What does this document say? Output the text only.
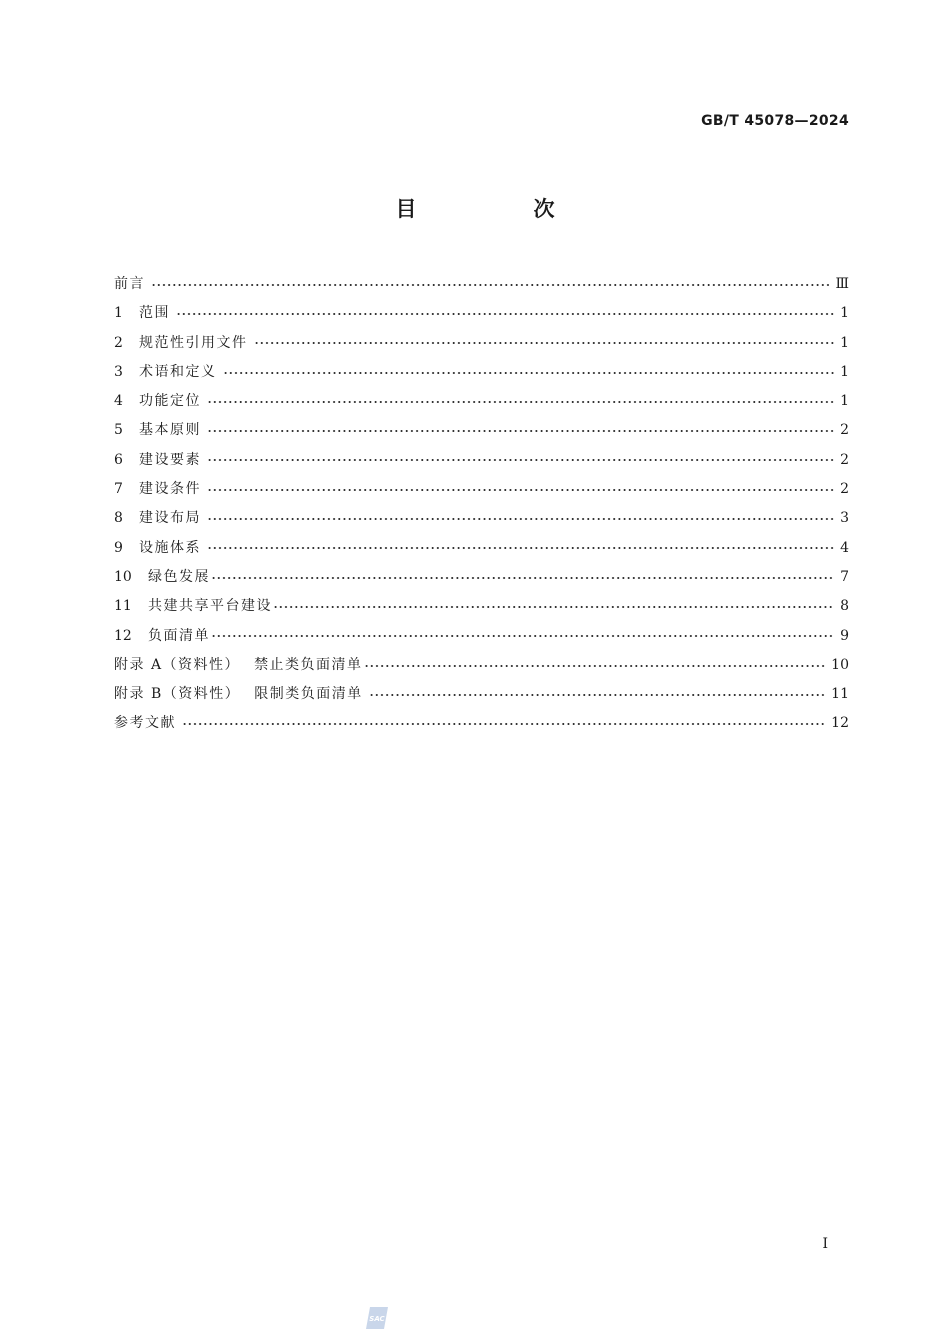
GB/T 45078—2024
目　次
前言	Ⅲ
1	范围	1
2	规范性引用文件	1
3	术语和定义	1
4	功能定位	1
5	基本原则	2
6	建设要素	2
7	建设条件	2
8	建设布局	3
9	设施体系	4
10	绿色发展	7
11	共建共享平台建设	8
12	负面清单	9
附录 A（资料性） 禁止类负面清单	10
附录 B（资料性） 限制类负面清单	11
参考文献	12
I
SAC
